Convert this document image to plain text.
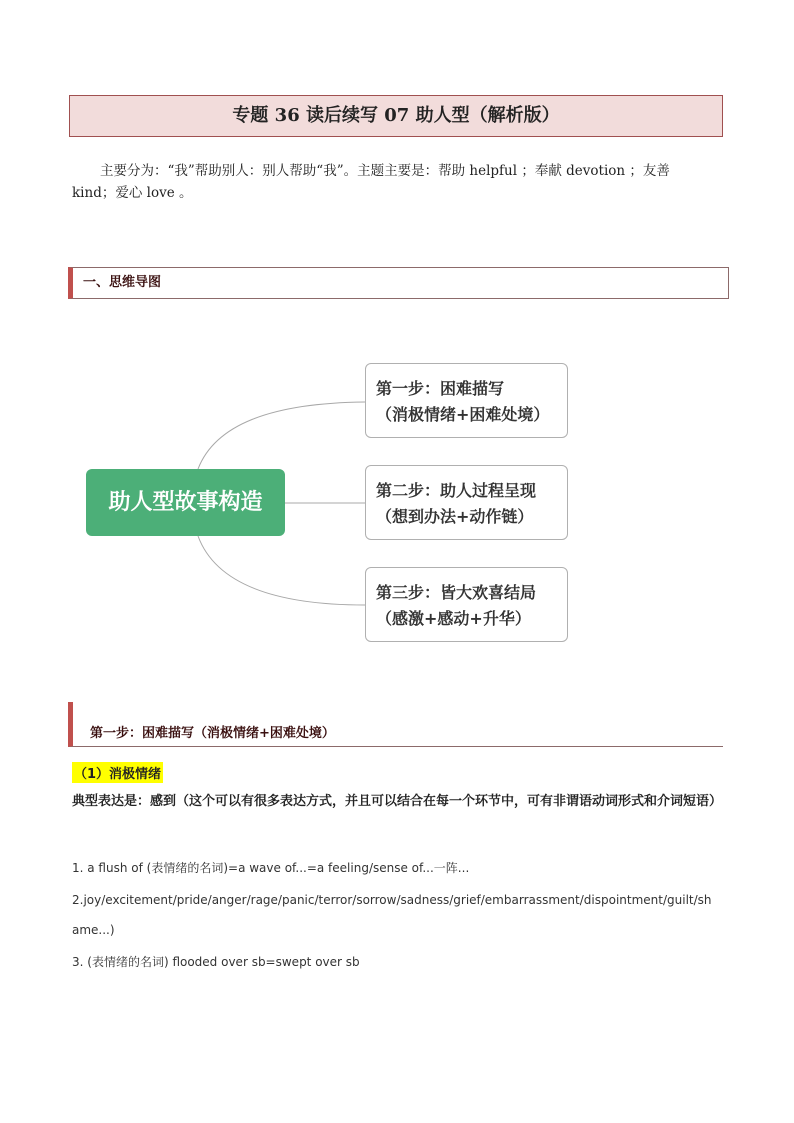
专题 36 读后续写 07 助人型（解析版）
主要分为：“我”帮助别人：别人帮助“我”。主题主要是：帮助 helpful ；奉献 devotion ；友善 kind；爱心 love 。
一、思维导图
助人型故事构造
第一步：困难描写
（消极情绪+困难处境）
第二步：助人过程呈现
（想到办法+动作链）
第三步：皆大欢喜结局
（感激+感动+升华）
第一步：困难描写（消极情绪+困难处境）
（1）消极情绪
典型表达是：感到（这个可以有很多表达方式，并且可以结合在每一个环节中，可有非谓语动词形式和介词短语）
1. a flush of (表情绪的名词)=a wave of...=a feeling/sense of...一阵...
2.joy/excitement/pride/anger/rage/panic/terror/sorrow/sadness/grief/embarrassment/dispointment/guilt/sh
ame...)
3. (表情绪的名词) flooded over sb=swept over sb
